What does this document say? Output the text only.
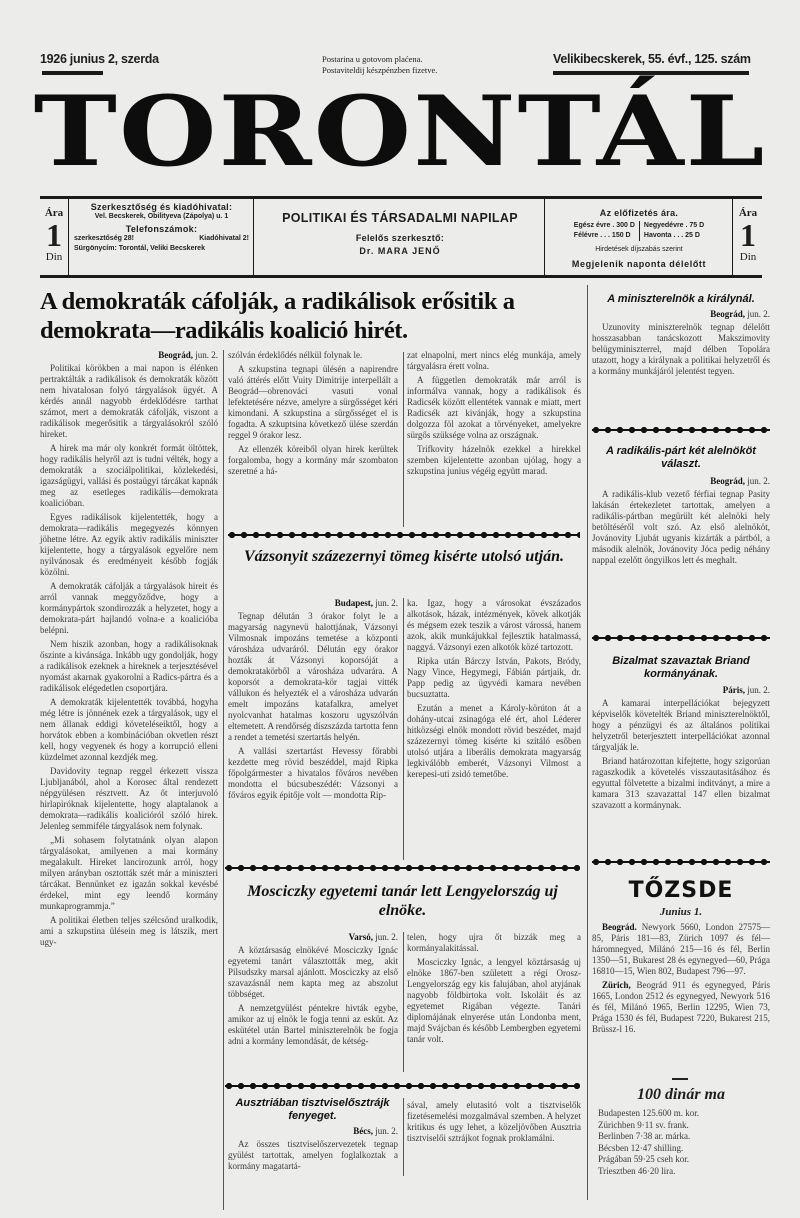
1926 junius 2, szerda	Postarina u gotovom plaćena.
Postaviteldij készpénzben fizetve.
Velikibecskerek, 55. évf., 125. szám
TORONTÁL
Ára
1
Din
Szerkesztőség és kiadóhivatal:
Vel. Becskerek, Obilityeva (Zápolya) u. 1
Telefonszámok:
szerkesztőség 28!	Kiadóhivatal 2!
Sürgönycím: Torontál, Veliki Becskerek
POLITIKAI ÉS TÁRSADALMI NAPILAP
Felelős szerkesztő:
Dr. MARA JENŐ
Az előfizetés ára.
Egész évre . 300 D
Félévre . . . 150 D
Negyedévre . 75 D
Havonta . . . 25 D
Hirdetések díjszabás szerint
Megjelenik naponta délelőtt
Ára
1
Din
A demokraták cáfolják, a radikálisok erősitik a demokrata—radikális koalició hirét.
Beográd, jun. 2.

Politikai körökben a mai napon is élénken pertraktálták a radikálisok és demokraták között nem hivatalosan folyó tárgyalások ügyét. A kérdés annál nagyobb érdeklődésre tarthat számot, mert a demokraták cáfolják, viszont a radikálisok megerősitik a tárgyalásokról szóló hireket.

A hirek ma már oly konkrét formát öltöttek, hogy radikális helyről azt is tudni vélték, hogy a demokraták a szociálpolitikai, közlekedési, igazságügyi, vallási és postaügyi tárcákat kapnák meg az esetleges radikális—demokrata koalicióban.

Egyes radikálisok kijelentették, hogy a demokrata—radikális megegyezés könnyen jöhetne létre. Az egyik aktiv radikális miniszter kijelentette, hogy a tárgyalások egyelőre nem nyilvánosak és eredményeit később fogják közölni.

A demokraták cáfolják a tárgyalások hireit és arról vannak meggyőződve, hogy a kormánypártok szondirozzák a helyzetet, hogy a demokrata-párt hajlandó volna-e a koalicióba belépni.

Nem hiszik azonban, hogy a radikálisoknak őszinte a kivánsága. Inkább ugy gondolják, hogy a radikálisok ezeknek a hireknek a terjesztésével nyomást akarnak gyakorolni a Radics-pártra és a radikálisok elégedetlen csoportjára.

A demokraták kijelentették továbbá, hogyha még létre is jönnének ezek a tárgyalások, ugy el nem állanak eddigi követeléseiktől, hogy a horvátok ebben a kombinációban okvetlen részt kell, hogy vegyenek és hogy a korrupció elleni küzdelmet azonnal kezdjék meg.

Davidovity tegnap reggel érkezett vissza Ljubljanából, ahol a Korosec által rendezett népgyülésen résztvett. Az őt interjuvoló hirlapiróknak kijelentette, hogy alaptalanok a demokrata—radikális koalicióról szóló hirek. Jelenleg semmiféle tárgyalások nem folynak.

„Mi sohasem folytatnánk olyan alapon tárgyalásokat, amilyenen a mai kormány megalakult. Hireket lancirozunk arról, hogy milyen arányban osztották szét már a miniszteri tárcákat. Bennünket ez igazán sokkal kevésbé érdekel, mint egy leendő kormány munkaprogrammja.”

A politikai életben teljes szélcsönd uralkodik, ami a szkupstina ülésein meg is látszik, mert ugy-

szólván érdeklődés nélkül folynak le.

A szkupstina tegnapi ülésén a napirendre való áttérés előtt Vuity Dimitrije interpellált a Beográd—obrenováci vasuti vonal lefektetésére nézve, amelyre a sürgősséget kéri kimondani. A szkupstina a sürgősséget el is fogadta. A szkuptsina következő ülése szerdán reggel 9 órakor lesz.

Az ellenzék köreiből olyan hirek kerültek forgalomba, hogy a kormány már szombaton szeretné a há-

zat elnapolni, mert nincs elég munkája, amely tárgyalásra érett volna.

A független demokraták már arról is informálva vannak, hogy a radikálisok és Radicsék között ellentétek vannak e miatt, mert Radicsék azt kivánják, hogy a szkupstina dolgozza föl azokat a törvényeket, amelyekre sürgős szüksége volna az országnak.

Trifkovity házelnök ezekkel a hirekkel szemben kijelentette azonban ujólag, hogy a szkupstina junius végéig együtt marad.

Vázsonyit százezernyi tömeg kisérte utolsó utján.
Budapest, jun. 2.

Tegnap délután 3 órakor folyt le a magyarság nagynevü halottjának, Vázsonyi Vilmosnak impozáns temetése a központi városháza udvaráról. Délután egy órakor hozták át Vázsonyi koporsóját a demokratakörből a városháza udvarára. A koporsót a demokrata-kör tagjai vitték vállukon és helyezték el a városháza udvarán emelt impozáns katafalkra, amelyet nyolcvanhat hatalmas koszoru ugyszólván eltemetett. A rendőrség díszszázda tartotta fenn a rendet a temetési szertartás helyén.

A vallási szertartást Hevessy főrabbi kezdette meg rövid beszéddel, majd Ripka főpolgármester a hivatalos főváros nevében mondotta el búcsubeszédét: Vázsonyi a főváros egyik épitője volt — mondotta Rip-

ka. Igaz, hogy a városokat évszázados alkotások, házak, intézmények, kövek alkotják és mégsem ezek teszik a várost várossá, hanem azok, akik munkájukkal fejlesztik hatalmassá, naggyá. Vázsonyi ezen alkotók közé tartozott.

Ripka után Bárczy István, Pakots, Bródy, Nagy Vince, Hegymegi, Fábián pártjaik, dr. Papp pedig az ügyvédi kamara nevében bucsuztatta.

Ezután a menet a Károly-körúton át a dohány-utcai zsinagóga elé ért, ahol Léderer hitközségi elnök mondott rövid beszédet, majd százezernyi tömeg kisérte ki szitáló esőben utolsó utjára a liberális demokrata magyarság legkiválóbb emberét, Vázsonyi Vilmost a kerepesi-uti zsidó temetőbe.

Mosciczky egyetemi tanár lett Lengyelország uj elnöke.
Varsó, jun. 2.

A köztársaság elnökévé Mosciczky Ignác egyetemi tanárt választották meg, akit Pilsudszky marsal ajánlott. Mosciczky az első szavazásnál nem kapta meg az abszolut többséget.

A nemzetgyülést péntekre hivták egybe, amikor az uj elnök le fogja tenni az esküt. Az eskütétel után Bartel miniszterelnök be fogja adni a kormány lemondását, de kétség-

telen, hogy ujra őt bizzák meg a kormányalakitással.

Mosciczky Ignác, a lengyel köztársaság uj elnöke 1867-ben született a régi Orosz-Lengyelország egy kis falujában, ahol atyjának nagyobb földbirtoka volt. Iskoláit és az egyetemet Rigában végezte. Tanári diplomájának elnyerése után Londonba ment, majd Svájcban és később Lembergben egyetemi tanár volt.

Ausztriában tisztviselősztrájk fenyeget.
Bécs, jun. 2.

Az összes tisztviselőszervezetek tegnap gyülést tartottak, amelyen foglalkoztak a kormány magatartá-

sával, amely elutasitó volt a tisztviselők fizetésemelési mozgalmával szemben. A helyzet kritikus és ugy lehet, a közeljövőben Ausztria tisztviselői sztrájkot fognak proklamálni.

A miniszterelnök a királynál.
Beográd, jun. 2.

Uzunovity miniszterelnök tegnap délelőtt hosszasabban tanácskozott Makszimovity belügyminiszterrel, majd délben Topolára utazott, hogy a királynak a politikai helyzetről és a kormány munkájáról jelentést tegyen.

A radikális-párt két alelnököt választ.
Beográd, jun. 2.

A radikális-klub vezető férfiai tegnap Pasity lakásán értekezletet tartottak, amelyen a radikális-pártban megürült két alelnöki hely betöltéséről volt szó. Az első alelnököt, Jovánovity Ljubát ugyanis kizárták a pártból, a második alelnök, Jovánovity Jóca pedig néhány nappal ezelőtt öngyilkos lett és meghalt.

Bizalmat szavaztak Briand kormányának.
Páris, jun. 2.

A kamarai interpellációkat bejegyzett képviselők követelték Briand miniszterelnöktől, hogy a pénzügyi és az általános politikai helyzetről beterjesztett interpellációkat azonnal tárgyalják le.

Briand határozottan kifejtette, hogy szigorúan ragaszkodik a követelés visszautasitásához és egyuttal fölvetette a bizalmi inditványt, a mire a kamara 313 szavazattal 147 ellen bizalmat szavazott a kormánynak.

TŐZSDE
Junius 1.

Beográd. Newyork 5660, London 27575—85, Páris 181—83, Zürich 1097 és fél—háromnegyed, Milánó 215—16 és fél, Berlin 1350—51, Bukarest 28 és egynegyed—60, Prága 16810—15, Wien 802, Budapest 796—97.

Zürich, Beográd 911 és egynegyed, Páris 1665, London 2512 és egynegyed, Newyork 516 és fél, Milánó 1965, Berlin 12295, Wien 73, Prága 1530 és fél, Budapest 7220, Bukarest 215, Brüssz-l 16.

100 dinár ma
Budapesten 125.600 m. kor.
Zürichben 9·11 sv. frank.
Berlinben 7·38 ar. márka.
Bécsben 12·47 shilling.
Prágában 59·25 cseh kor.
Triesztben 46·20 lira.
